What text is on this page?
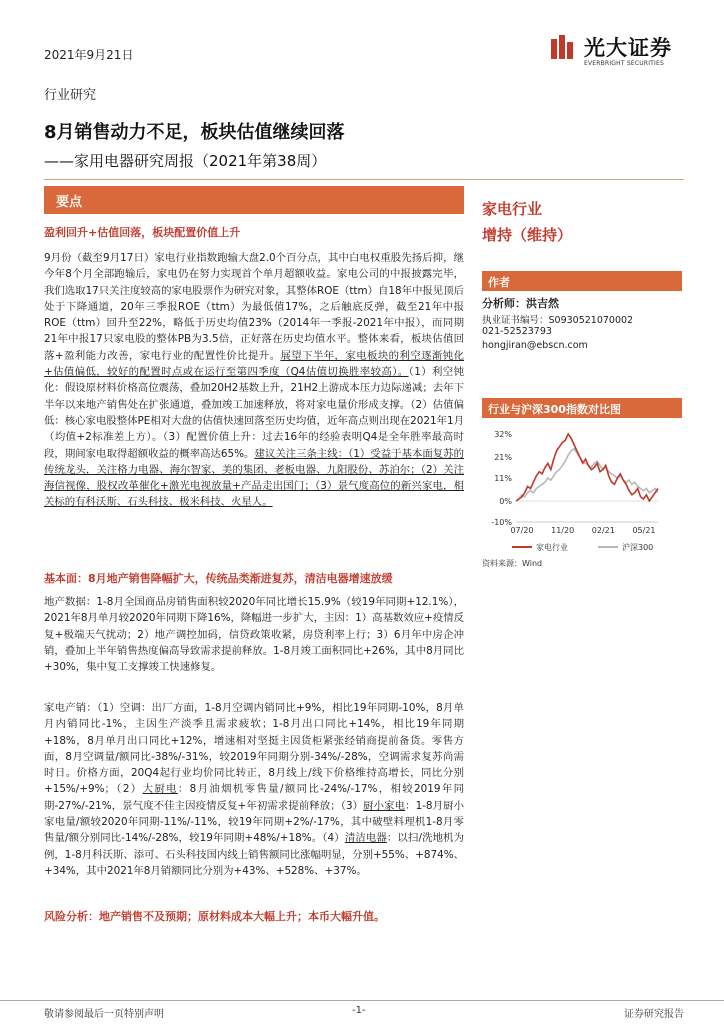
2021年9月21日	光大证券
EVERBRIGHT SECURITIES
行业研究
8月销售动力不足，板块估值继续回落
——家用电器研究周报（2021年第38周）
要点	家电行业
增持（维持）
作者
分析师：洪吉然
执业证书编号：S0930521070002
021-52523793
hongjiran@ebscn.com
行业与沪深300指数对比图
32%
21%
11%
0%
-10%
07/20 11/20 02/21 05/21
家电行业	沪深300
资料来源：Wind
盈利回升+估值回落，板块配置价值上升

9月份（截至9月17日）家电行业指数跑输大盘2.0个百分点，其中白电权重股先扬后抑，继今年8个月全部跑输后，家电仍在努力实现首个单月超额收益。家电公司的中报披露完毕，我们选取17只关注度较高的家电股票作为研究对象，其整体ROE（ttm）自18年中报见顶后处于下降通道，20年三季报ROE（ttm）为最低值17%，之后触底反弹，截至21年中报ROE（ttm）回升至22%，略低于历史均值23%（2014年一季报-2021年中报），而同期21年中报17只家电股的整体PB为3.5倍，正好落在历史均值水平。整体来看，板块估值回落+盈利能力改善，家电行业的配置性价比提升。展望下半年，家电板块的利空逐渐钝化+估值偏低，较好的配置时点或在运行至第四季度（Q4估值切换胜率较高）。（1）利空钝化：假设原材料价格高位震荡，叠加20H2基数上升，21H2上游成本压力边际递减；去年下半年以来地产销售处在扩张通道，叠加竣工加速释放，将对家电量价形成支撑。（2）估值偏低：核心家电股整体PE相对大盘的估值快速回落至历史均值，近年高点则出现在2021年1月（均值+2标准差上方）。（3）配置价值上升：过去16年的经验表明Q4是全年胜率最高时段，期间家电取得超额收益的概率高达65%。建议关注三条主线：（1）受益于基本面复苏的传统龙头，关注格力电器、海尔智家、美的集团、老板电器、九阳股份、苏泊尔；（2）关注海信视像，股权改革催化+激光电视放量+产品走出国门；（3）景气度高位的新兴家电，相关标的有科沃斯、石头科技、极米科技、火星人。

基本面：8月地产销售降幅扩大，传统品类渐进复苏，清洁电器增速放缓

地产数据：1-8月全国商品房销售面积较2020年同比增长15.9%（较19年同期+12.1%），2021年8月单月较2020年同期下降16%，降幅进一步扩大，主因：1）高基数效应+疫情反复+极端天气扰动；2）地产调控加码，信贷政策收紧，房贷利率上行；3）6月年中房企冲销，叠加上半年销售热度偏高导致需求提前释放。1-8月竣工面积同比+26%，其中8月同比+30%，集中复工支撑竣工快速修复。

家电产销：（1）空调：出厂方面，1-8月空调内销同比+9%，相比19年同期-10%，8月单月内销同比-1%，主因生产淡季且需求疲软；1-8月出口同比+14%，相比19年同期+18%，8月单月出口同比+12%，增速相对坚挺主因货柜紧张经销商提前备货。零售方面，8月空调量/额同比-38%/-31%，较2019年同期分别-34%/-28%，空调需求复苏尚需时日。价格方面，20Q4起行业均价同比转正，8月线上/线下价格维持高增长，同比分别+15%/+9%；（2）大厨电：8月油烟机零售量/额同比-24%/-17%，相较2019年同期-27%/-21%，景气度不佳主因疫情反复+年初需求提前释放；（3）厨小家电：1-8月厨小家电量/额较2020年同期-11%/-11%，较19年同期+2%/-17%，其中破壁料理机1-8月零售量/额分别同比-14%/-28%，较19年同期+48%/+18%。（4）清洁电器：以扫/洗地机为例，1-8月科沃斯、添可、石头科技国内线上销售额同比涨幅明显，分别+55%、+874%、+34%，其中2021年8月销额同比分别为+43%、+528%、+37%。

风险分析：地产销售不及预期；原材料成本大幅上升；本币大幅升值。
敬请参阅最后一页特别声明	-1-	证券研究报告
